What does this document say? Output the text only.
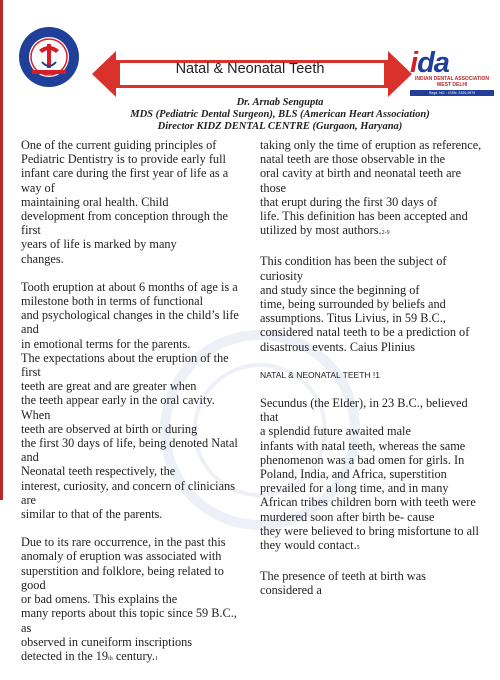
Natal & Neonatal Teeth	ida
INDIAN DENTAL ASSOCIATION
WEST DELHI
Regd. NO. : ISSN: 2320-0979

Dr. Arnab Sengupta

MDS (Pediatric Dental Surgeon), BLS (American Heart Association)

Director KIDZ DENTAL CENTRE (Gurgaon, Haryana)

One of the current guiding principles of
Pediatric Dentistry is to provide early full
infant care during the first year of life as a way of
maintaining oral health. Child
development from conception through the first
years of life is marked by many
changes.

Tooth eruption at about 6 months of age is a
milestone both in terms of functional
and psychological changes in the child’s life and
in emotional terms for the parents.
The expectations about the eruption of the first
teeth are great and are greater when
the teeth appear early in the oral cavity. When
teeth are observed at birth or during
the first 30 days of life, being denoted Natal and
Neonatal teeth respectively, the
interest, curiosity, and concern of clinicians are
similar to that of the parents.

Due to its rare occurrence, in the past this
anomaly of eruption was associated with
superstition and folklore, being related to good
or bad omens. This explains the
many reports about this topic since 59 B.C., as
observed in cuneiform inscriptions
detected in the 19th century.1

taking only the time of eruption as reference,
natal teeth are those observable in the
oral cavity at birth and neonatal teeth are those
that erupt during the first 30 days of
life. This definition has been accepted and
utilized by most authors.2-9

This condition has been the subject of curiosity
and study since the beginning of
time, being surrounded by beliefs and
assumptions. Titus Livius, in 59 B.C.,
considered natal teeth to be a prediction of
disastrous events. Caius Plinius

NATAL & NEONATAL TEETH !1

Secundus (the Elder), in 23 B.C., believed that
a splendid future awaited male
infants with natal teeth, whereas the same
phenomenon was a bad omen for girls. In
Poland, India, and Africa, superstition
prevailed for a long time, and in many
African tribes children born with teeth were
murdered soon after birth be- cause
they were believed to bring misfortune to all
they would contact.5

The presence of teeth at birth was considered a
